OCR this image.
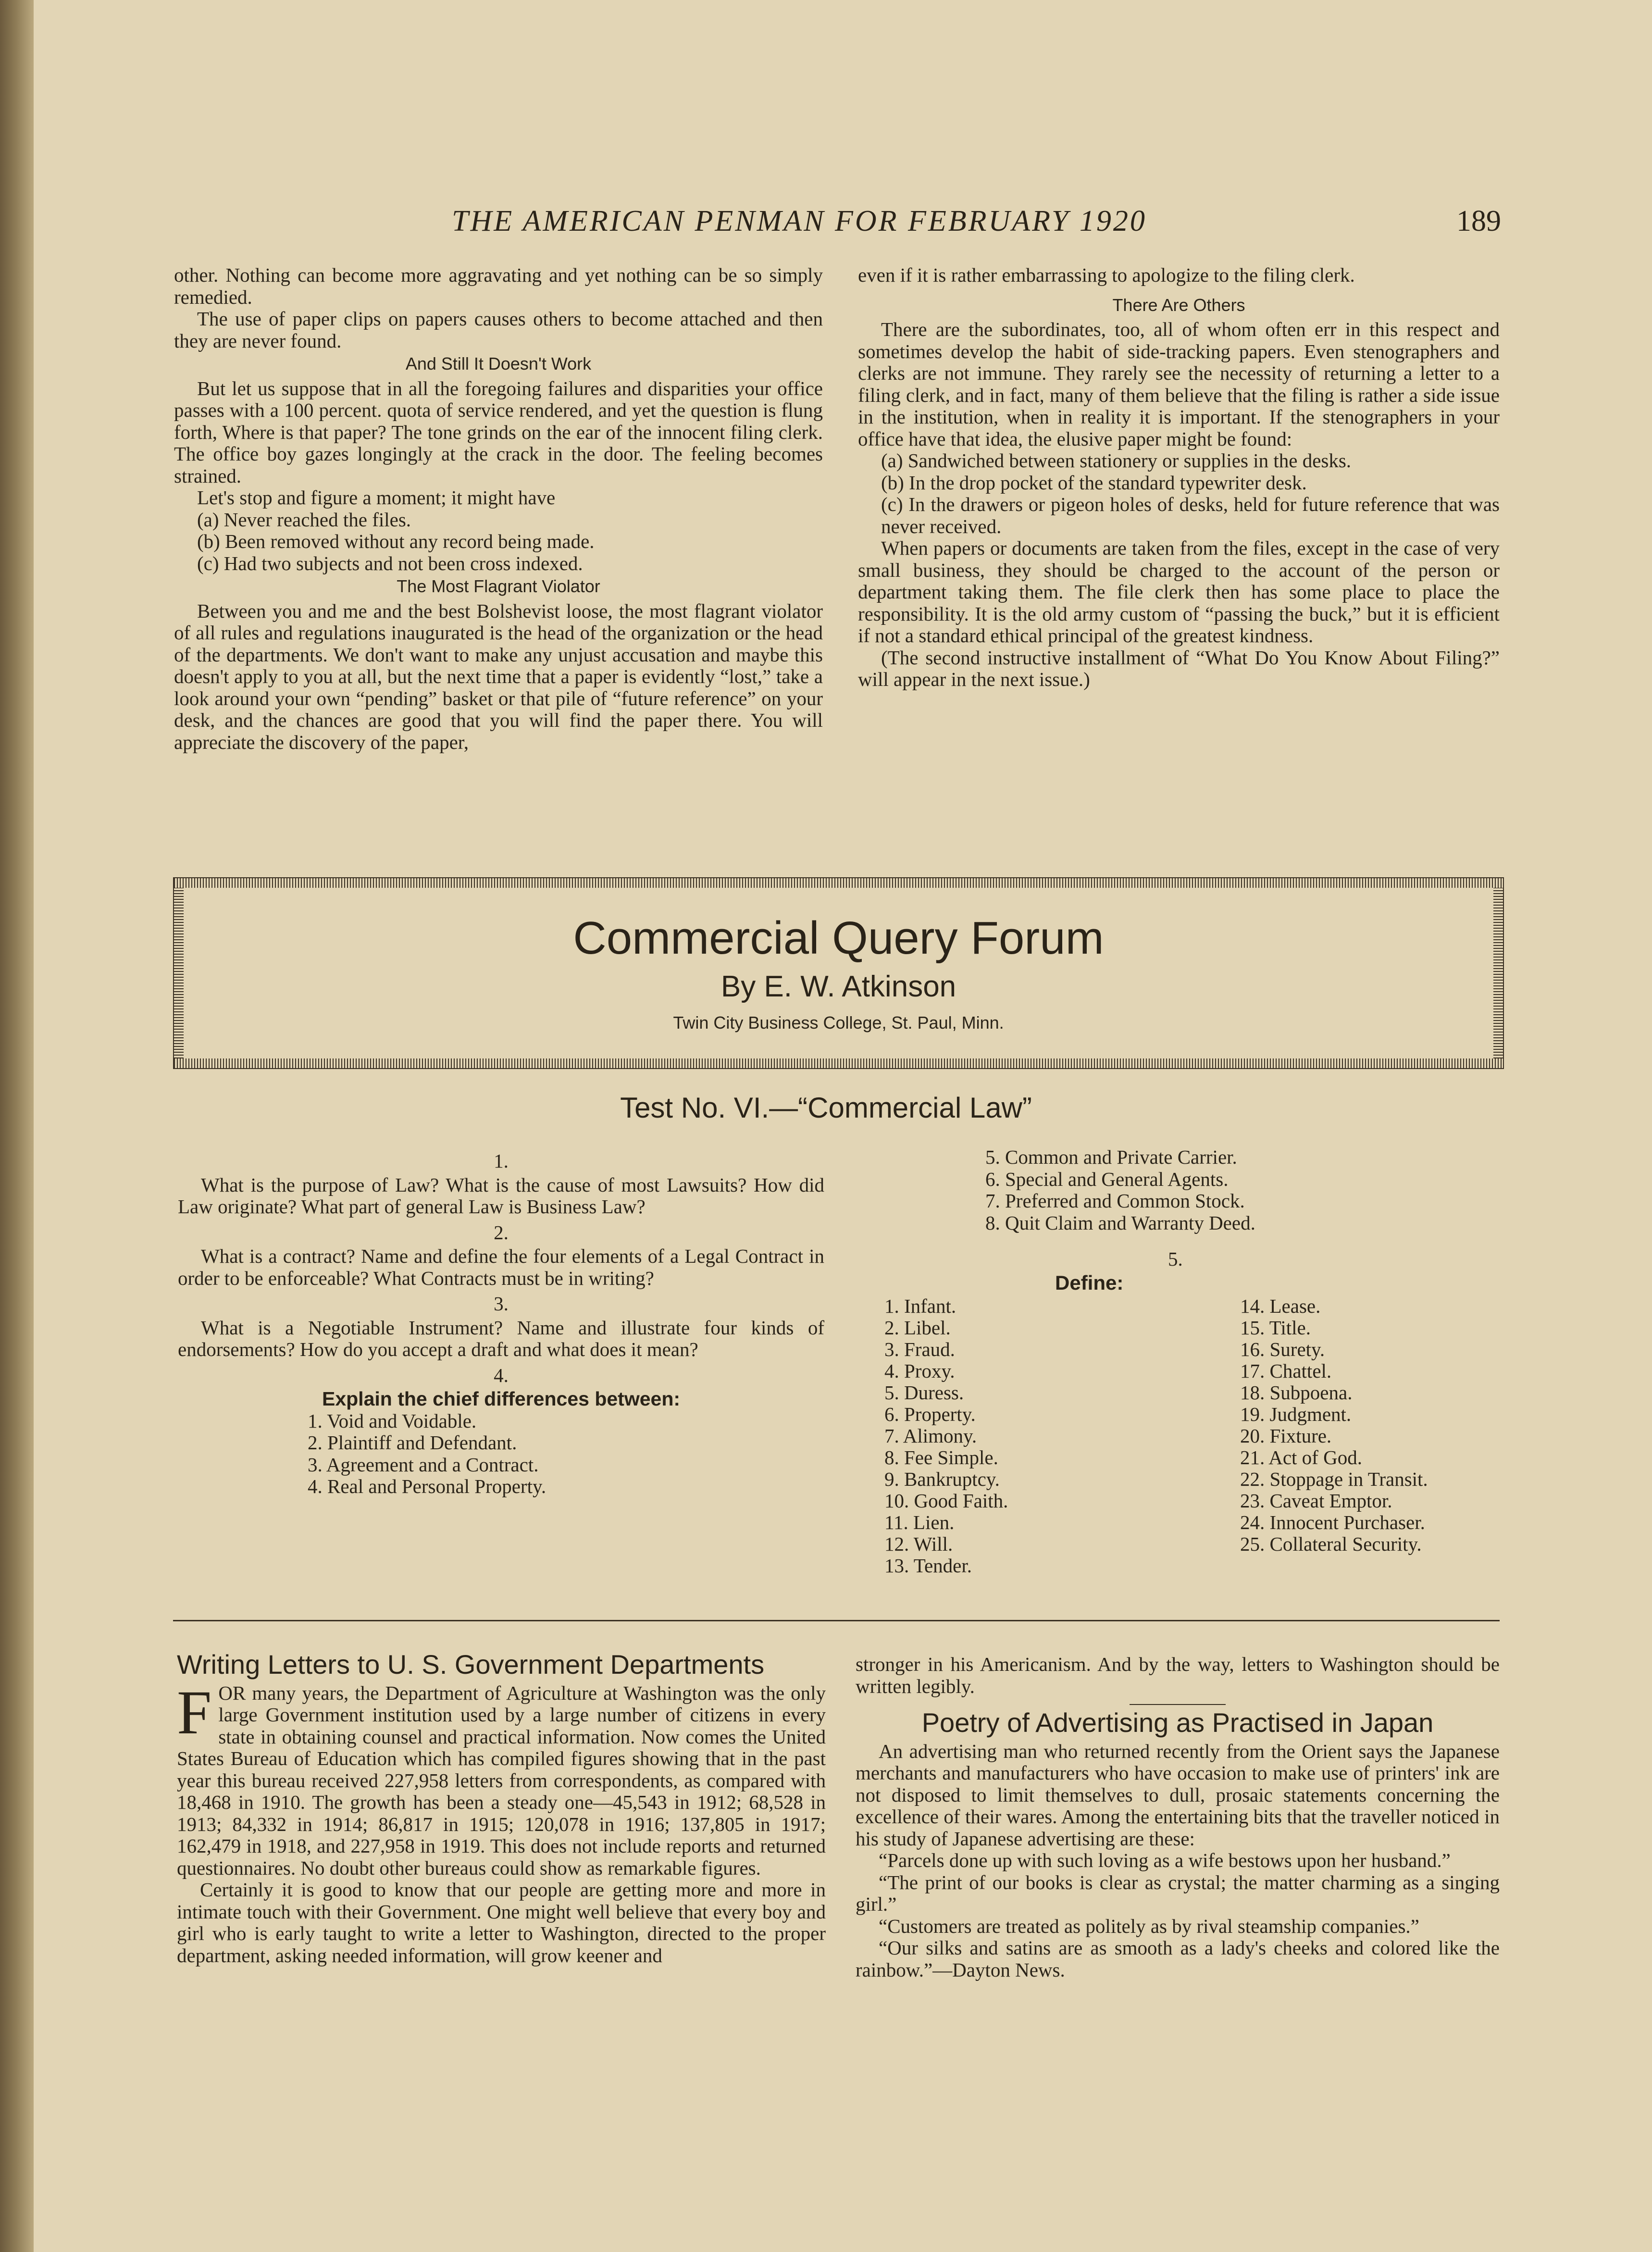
THE AMERICAN PENMAN FOR FEBRUARY 1920	189

other. Nothing can become more aggravating and yet nothing can be so simply remedied.

The use of paper clips on papers causes others to become attached and then they are never found.

And Still It Doesn't Work

But let us suppose that in all the foregoing failures and disparities your office passes with a 100 percent. quota of service rendered, and yet the question is flung forth, Where is that paper? The tone grinds on the ear of the innocent filing clerk. The office boy gazes longingly at the crack in the door. The feeling becomes strained.

Let's stop and figure a moment; it might have

(a) Never reached the files.
(b) Been removed without any record being made.
(c) Had two subjects and not been cross indexed.
The Most Flagrant Violator

Between you and me and the best Bolshevist loose, the most flagrant violator of all rules and regulations inaugurated is the head of the organization or the head of the departments. We don't want to make any unjust accusation and maybe this doesn't apply to you at all, but the next time that a paper is evidently “lost,” take a look around your own “pending” basket or that pile of “future reference” on your desk, and the chances are good that you will find the paper there. You will appreciate the discovery of the paper,

even if it is rather embarrassing to apologize to the filing clerk.

There Are Others

There are the subordinates, too, all of whom often err in this respect and sometimes develop the habit of side-tracking papers. Even stenographers and clerks are not immune. They rarely see the necessity of returning a letter to a filing clerk, and in fact, many of them believe that the filing is rather a side issue in the institution, when in reality it is important. If the stenographers in your office have that idea, the elusive paper might be found:

(a) Sandwiched between stationery or supplies in the desks.
(b) In the drop pocket of the standard typewriter desk.
(c) In the drawers or pigeon holes of desks, held for future reference that was never received.

When papers or documents are taken from the files, except in the case of very small business, they should be charged to the account of the person or department taking them. The file clerk then has some place to place the responsibility. It is the old army custom of “passing the buck,” but it is efficient if not a standard ethical principal of the greatest kindness.

(The second instructive installment of “What Do You Know About Filing?” will appear in the next issue.)

Commercial Query Forum
By E. W. Atkinson
Twin City Business College, St. Paul, Minn.
Test No. VI.—“Commercial Law”
1.

What is the purpose of Law? What is the cause of most Lawsuits? How did Law originate? What part of general Law is Business Law?

2.

What is a contract? Name and define the four elements of a Legal Contract in order to be enforceable? What Contracts must be in writing?

3.

What is a Negotiable Instrument? Name and illustrate four kinds of endorsements? How do you accept a draft and what does it mean?

4.
Explain the chief differences between:
1. Void and Voidable.
2. Plaintiff and Defendant.
3. Agreement and a Contract.
4. Real and Personal Property.
5. Common and Private Carrier.
6. Special and General Agents.
7. Preferred and Common Stock.
8. Quit Claim and Warranty Deed.
5.
Define:
1. Infant.
2. Libel.
3. Fraud.
4. Proxy.
5. Duress.
6. Property.
7. Alimony.
8. Fee Simple.
9. Bankruptcy.
10. Good Faith.
11. Lien.
12. Will.
13. Tender.
14. Lease.
15. Title.
16. Surety.
17. Chattel.
18. Subpoena.
19. Judgment.
20. Fixture.
21. Act of God.
22. Stoppage in Transit.
23. Caveat Emptor.
24. Innocent Purchaser.
25. Collateral Security.
Writing Letters to U. S. Government Departments
F OR many years, the Department of Agriculture at Washington was the only large Government institution used by a large number of citizens in every state in obtaining counsel and practical information. Now comes the United States Bureau of Education which has compiled figures showing that in the past year this bureau received 227,958 letters from correspondents, as compared with 18,468 in 1910. The growth has been a steady one—45,543 in 1912; 68,528 in 1913; 84,332 in 1914; 86,817 in 1915; 120,078 in 1916; 137,805 in 1917; 162,479 in 1918, and 227,958 in 1919. This does not include reports and returned questionnaires. No doubt other bureaus could show as remarkable figures.

Certainly it is good to know that our people are getting more and more in intimate touch with their Government. One might well believe that every boy and girl who is early taught to write a letter to Washington, directed to the proper department, asking needed information, will grow keener and

stronger in his Americanism. And by the way, letters to Washington should be written legibly.

Poetry of Advertising as Practised in Japan

An advertising man who returned recently from the Orient says the Japanese merchants and manufacturers who have occasion to make use of printers' ink are not disposed to limit themselves to dull, prosaic statements concerning the excellence of their wares. Among the entertaining bits that the traveller noticed in his study of Japanese advertising are these:

“Parcels done up with such loving as a wife bestows upon her husband.”

“The print of our books is clear as crystal; the matter charming as a singing girl.”

“Customers are treated as politely as by rival steamship companies.”

“Our silks and satins are as smooth as a lady's cheeks and colored like the rainbow.”—Dayton News.
